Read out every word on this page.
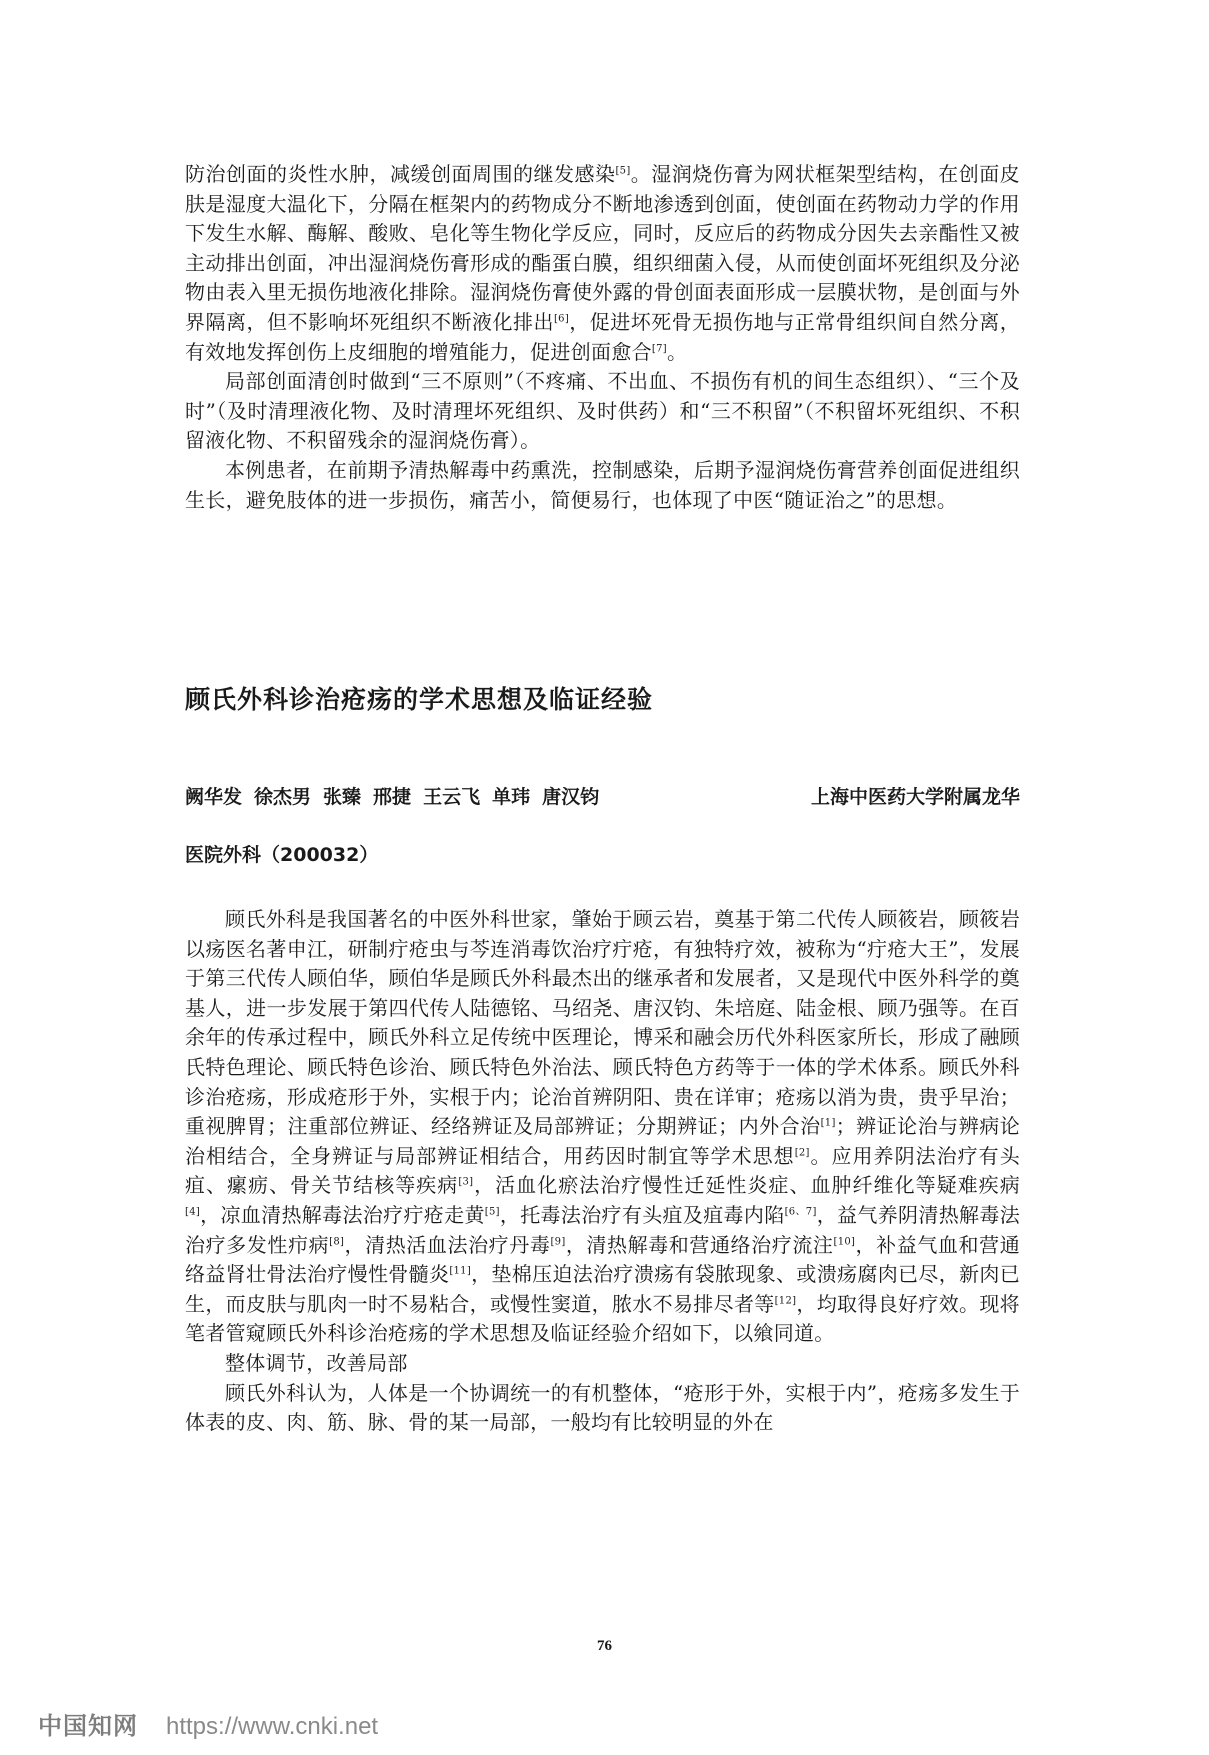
防治创面的炎性水肿，减缓创面周围的继发感染[5]。湿润烧伤膏为网状框架型结构，在创面皮肤是湿度大温化下，分隔在框架内的药物成分不断地渗透到创面，使创面在药物动力学的作用下发生水解、酶解、酸败、皂化等生物化学反应，同时，反应后的药物成分因失去亲酯性又被主动排出创面，冲出湿润烧伤膏形成的酯蛋白膜，组织细菌入侵，从而使创面坏死组织及分泌物由表入里无损伤地液化排除。湿润烧伤膏使外露的骨创面表面形成一层膜状物，是创面与外界隔离，但不影响坏死组织不断液化排出[6]，促进坏死骨无损伤地与正常骨组织间自然分离，有效地发挥创伤上皮细胞的增殖能力，促进创面愈合[7]。

局部创面清创时做到“三不原则”（不疼痛、不出血、不损伤有机的间生态组织）、“三个及时”（及时清理液化物、及时清理坏死组织、及时供药）和“三不积留”（不积留坏死组织、不积留液化物、不积留残余的湿润烧伤膏）。

本例患者，在前期予清热解毒中药熏洗，控制感染，后期予湿润烧伤膏营养创面促进组织生长，避免肢体的进一步损伤，痛苦小，简便易行，也体现了中医“随证治之”的思想。

顾氏外科诊治疮疡的学术思想及临证经验
阙华发 徐杰男 张臻 邢捷 王云飞 单玮 唐汉钧	上海中医药大学附属龙华
医院外科（200032）

顾氏外科是我国著名的中医外科世家，肇始于顾云岩，奠基于第二代传人顾筱岩，顾筱岩以疡医名著申江，研制疔疮虫与芩连消毒饮治疗疔疮，有独特疗效，被称为“疔疮大王”，发展于第三代传人顾伯华，顾伯华是顾氏外科最杰出的继承者和发展者，又是现代中医外科学的奠基人，进一步发展于第四代传人陆德铭、马绍尧、唐汉钧、朱培庭、陆金根、顾乃强等。在百余年的传承过程中，顾氏外科立足传统中医理论，博采和融会历代外科医家所长，形成了融顾氏特色理论、顾氏特色诊治、顾氏特色外治法、顾氏特色方药等于一体的学术体系。顾氏外科诊治疮疡，形成疮形于外，实根于内；论治首辨阴阳、贵在详审；疮疡以消为贵，贵乎早治；重视脾胃；注重部位辨证、经络辨证及局部辨证；分期辨证；内外合治[1]；辨证论治与辨病论治相结合，全身辨证与局部辨证相结合，用药因时制宜等学术思想[2]。应用养阴法治疗有头疽、瘰疬、骨关节结核等疾病[3]，活血化瘀法治疗慢性迁延性炎症、血肿纤维化等疑难疾病[4]，凉血清热解毒法治疗疔疮走黄[5]，托毒法治疗有头疽及疽毒内陷[6、7]，益气养阴清热解毒法治疗多发性疖病[8]，清热活血法治疗丹毒[9]，清热解毒和营通络治疗流注[10]，补益气血和营通络益肾壮骨法治疗慢性骨髓炎[11]，垫棉压迫法治疗溃疡有袋脓现象、或溃疡腐肉已尽，新肉已生，而皮肤与肌肉一时不易粘合，或慢性窦道，脓水不易排尽者等[12]，均取得良好疗效。现将笔者管窥顾氏外科诊治疮疡的学术思想及临证经验介绍如下，以飨同道。

整体调节，改善局部

顾氏外科认为，人体是一个协调统一的有机整体，“疮形于外，实根于内”，疮疡多发生于体表的皮、肉、筋、脉、骨的某一局部，一般均有比较明显的外在

76
中国知网 https://www.cnki.net
